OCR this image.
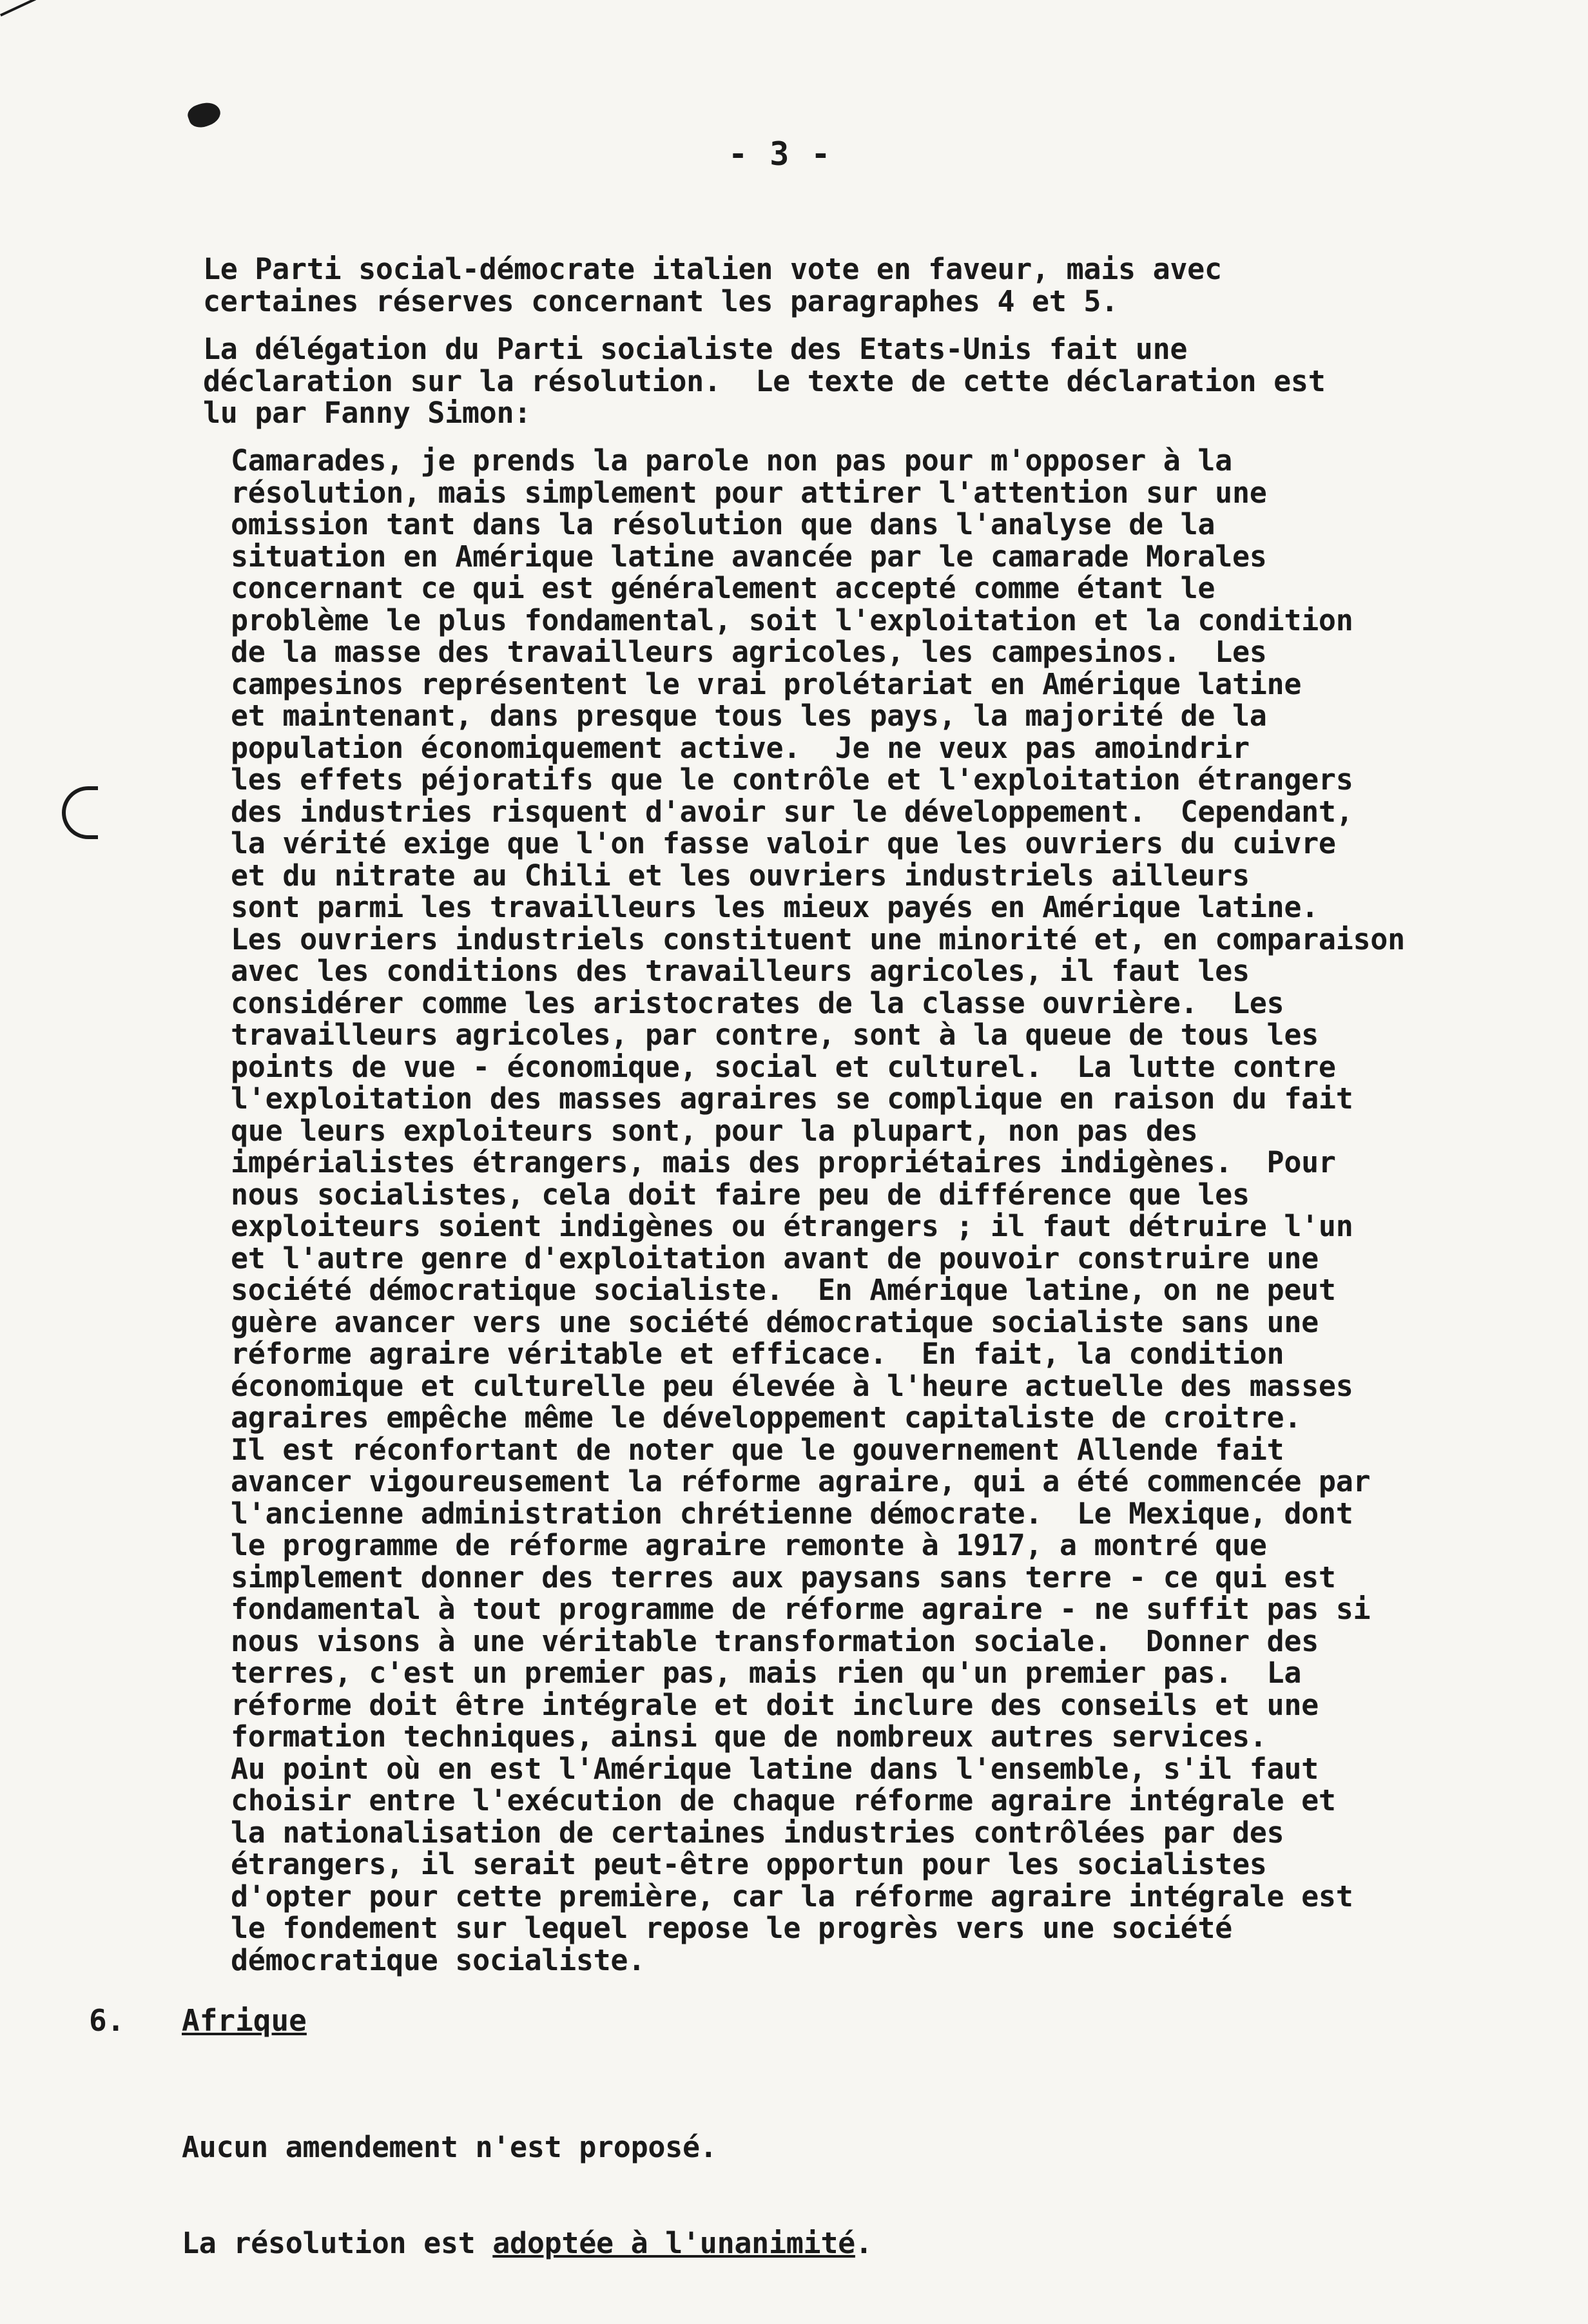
- 3 -
Le Parti social-démocrate italien vote en faveur, mais avec
certaines réserves concernant les paragraphes 4 et 5.
La délégation du Parti socialiste des Etats-Unis fait une
déclaration sur la résolution.  Le texte de cette déclaration est
lu par Fanny Simon:
Camarades, je prends la parole non pas pour m'opposer à la
résolution, mais simplement pour attirer l'attention sur une
omission tant dans la résolution que dans l'analyse de la
situation en Amérique latine avancée par le camarade Morales
concernant ce qui est généralement accepté comme étant le
problème le plus fondamental, soit l'exploitation et la condition
de la masse des travailleurs agricoles, les campesinos.  Les
campesinos représentent le vrai prolétariat en Amérique latine
et maintenant, dans presque tous les pays, la majorité de la
population économiquement active.  Je ne veux pas amoindrir
les effets péjoratifs que le contrôle et l'exploitation étrangers
des industries risquent d'avoir sur le développement.  Cependant,
la vérité exige que l'on fasse valoir que les ouvriers du cuivre
et du nitrate au Chili et les ouvriers industriels ailleurs
sont parmi les travailleurs les mieux payés en Amérique latine.
Les ouvriers industriels constituent une minorité et, en comparaison
avec les conditions des travailleurs agricoles, il faut les
considérer comme les aristocrates de la classe ouvrière.  Les
travailleurs agricoles, par contre, sont à la queue de tous les
points de vue - économique, social et culturel.  La lutte contre
l'exploitation des masses agraires se complique en raison du fait
que leurs exploiteurs sont, pour la plupart, non pas des
impérialistes étrangers, mais des propriétaires indigènes.  Pour
nous socialistes, cela doit faire peu de différence que les
exploiteurs soient indigènes ou étrangers ; il faut détruire l'un
et l'autre genre d'exploitation avant de pouvoir construire une
société démocratique socialiste.  En Amérique latine, on ne peut
guère avancer vers une société démocratique socialiste sans une
réforme agraire véritable et efficace.  En fait, la condition
économique et culturelle peu élevée à l'heure actuelle des masses
agraires empêche même le développement capitaliste de croitre.
Il est réconfortant de noter que le gouvernement Allende fait
avancer vigoureusement la réforme agraire, qui a été commencée par
l'ancienne administration chrétienne démocrate.  Le Mexique, dont
le programme de réforme agraire remonte à 1917, a montré que
simplement donner des terres aux paysans sans terre - ce qui est
fondamental à tout programme de réforme agraire - ne suffit pas si
nous visons à une véritable transformation sociale.  Donner des
terres, c'est un premier pas, mais rien qu'un premier pas.  La
réforme doit être intégrale et doit inclure des conseils et une
formation techniques, ainsi que de nombreux autres services.
Au point où en est l'Amérique latine dans l'ensemble, s'il faut
choisir entre l'exécution de chaque réforme agraire intégrale et
la nationalisation de certaines industries contrôlées par des
étrangers, il serait peut-être opportun pour les socialistes
d'opter pour cette première, car la réforme agraire intégrale est
le fondement sur lequel repose le progrès vers une société
démocratique socialiste.
6. Afrique

Aucun amendement n'est proposé.

La résolution est adoptée à l'unanimité.
